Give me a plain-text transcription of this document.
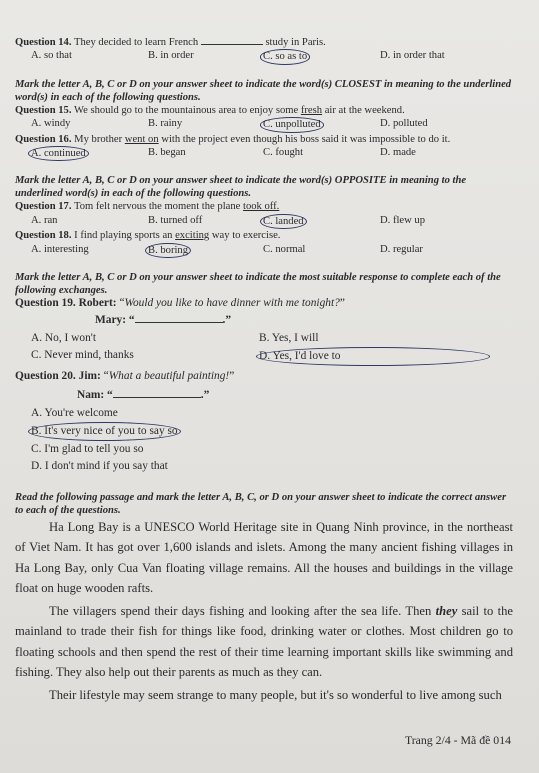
Question 14. They decided to learn French	study in Paris.

A. so that	B. in order	C. so as to	D. in order that

Mark the letter A, B, C or D on your answer sheet to indicate the word(s) CLOSEST in meaning to the underlined word(s) in each of the following questions.

Question 15. We should go to the mountainous area to enjoy some fresh air at the weekend.

A. windy	B. rainy	C. unpolluted	D. polluted

Question 16. My brother went on with the project even though his boss said it was impossible to do it.

A. continued	B. began	C. fought	D. made

Mark the letter A, B, C or D on your answer sheet to indicate the word(s) OPPOSITE in meaning to the underlined word(s) in each of the following questions.

Question 17. Tom felt nervous the moment the plane took off.

A. ran	B. turned off	C. landed	D. flew up

Question 18. I find playing sports an exciting way to exercise.

A. interesting	B. boring	C. normal	D. regular

Mark the letter A, B, C or D on your answer sheet to indicate the most suitable response to complete each of the following exchanges.

Question 19. Robert: “Would you like to have dinner with me tonight?”

Mary: “	.”

A. No, I won't	B. Yes, I will
C. Never mind, thanks	D. Yes, I'd love to

Question 20. Jim: “What a beautiful painting!”

Nam: “	.”

A. You're welcome
B. It's very nice of you to say so
C. I'm glad to tell you so
D. I don't mind if you say that

Read the following passage and mark the letter A, B, C, or D on your answer sheet to indicate the correct answer to each of the questions.

Ha Long Bay is a UNESCO World Heritage site in Quang Ninh province, in the northeast of Viet Nam. It has got over 1,600 islands and islets. Among the many ancient fishing villages in Ha Long Bay, only Cua Van floating village remains. All the houses and buildings in the village float on huge wooden rafts.

The villagers spend their days fishing and looking after the sea life. Then they sail to the mainland to trade their fish for things like food, drinking water or clothes. Most children go to floating schools and then spend the rest of their time learning important skills like swimming and fishing. They also help out their parents as much as they can.

Their lifestyle may seem strange to many people, but it's so wonderful to live among such

Trang 2/4 - Mã đề 014
